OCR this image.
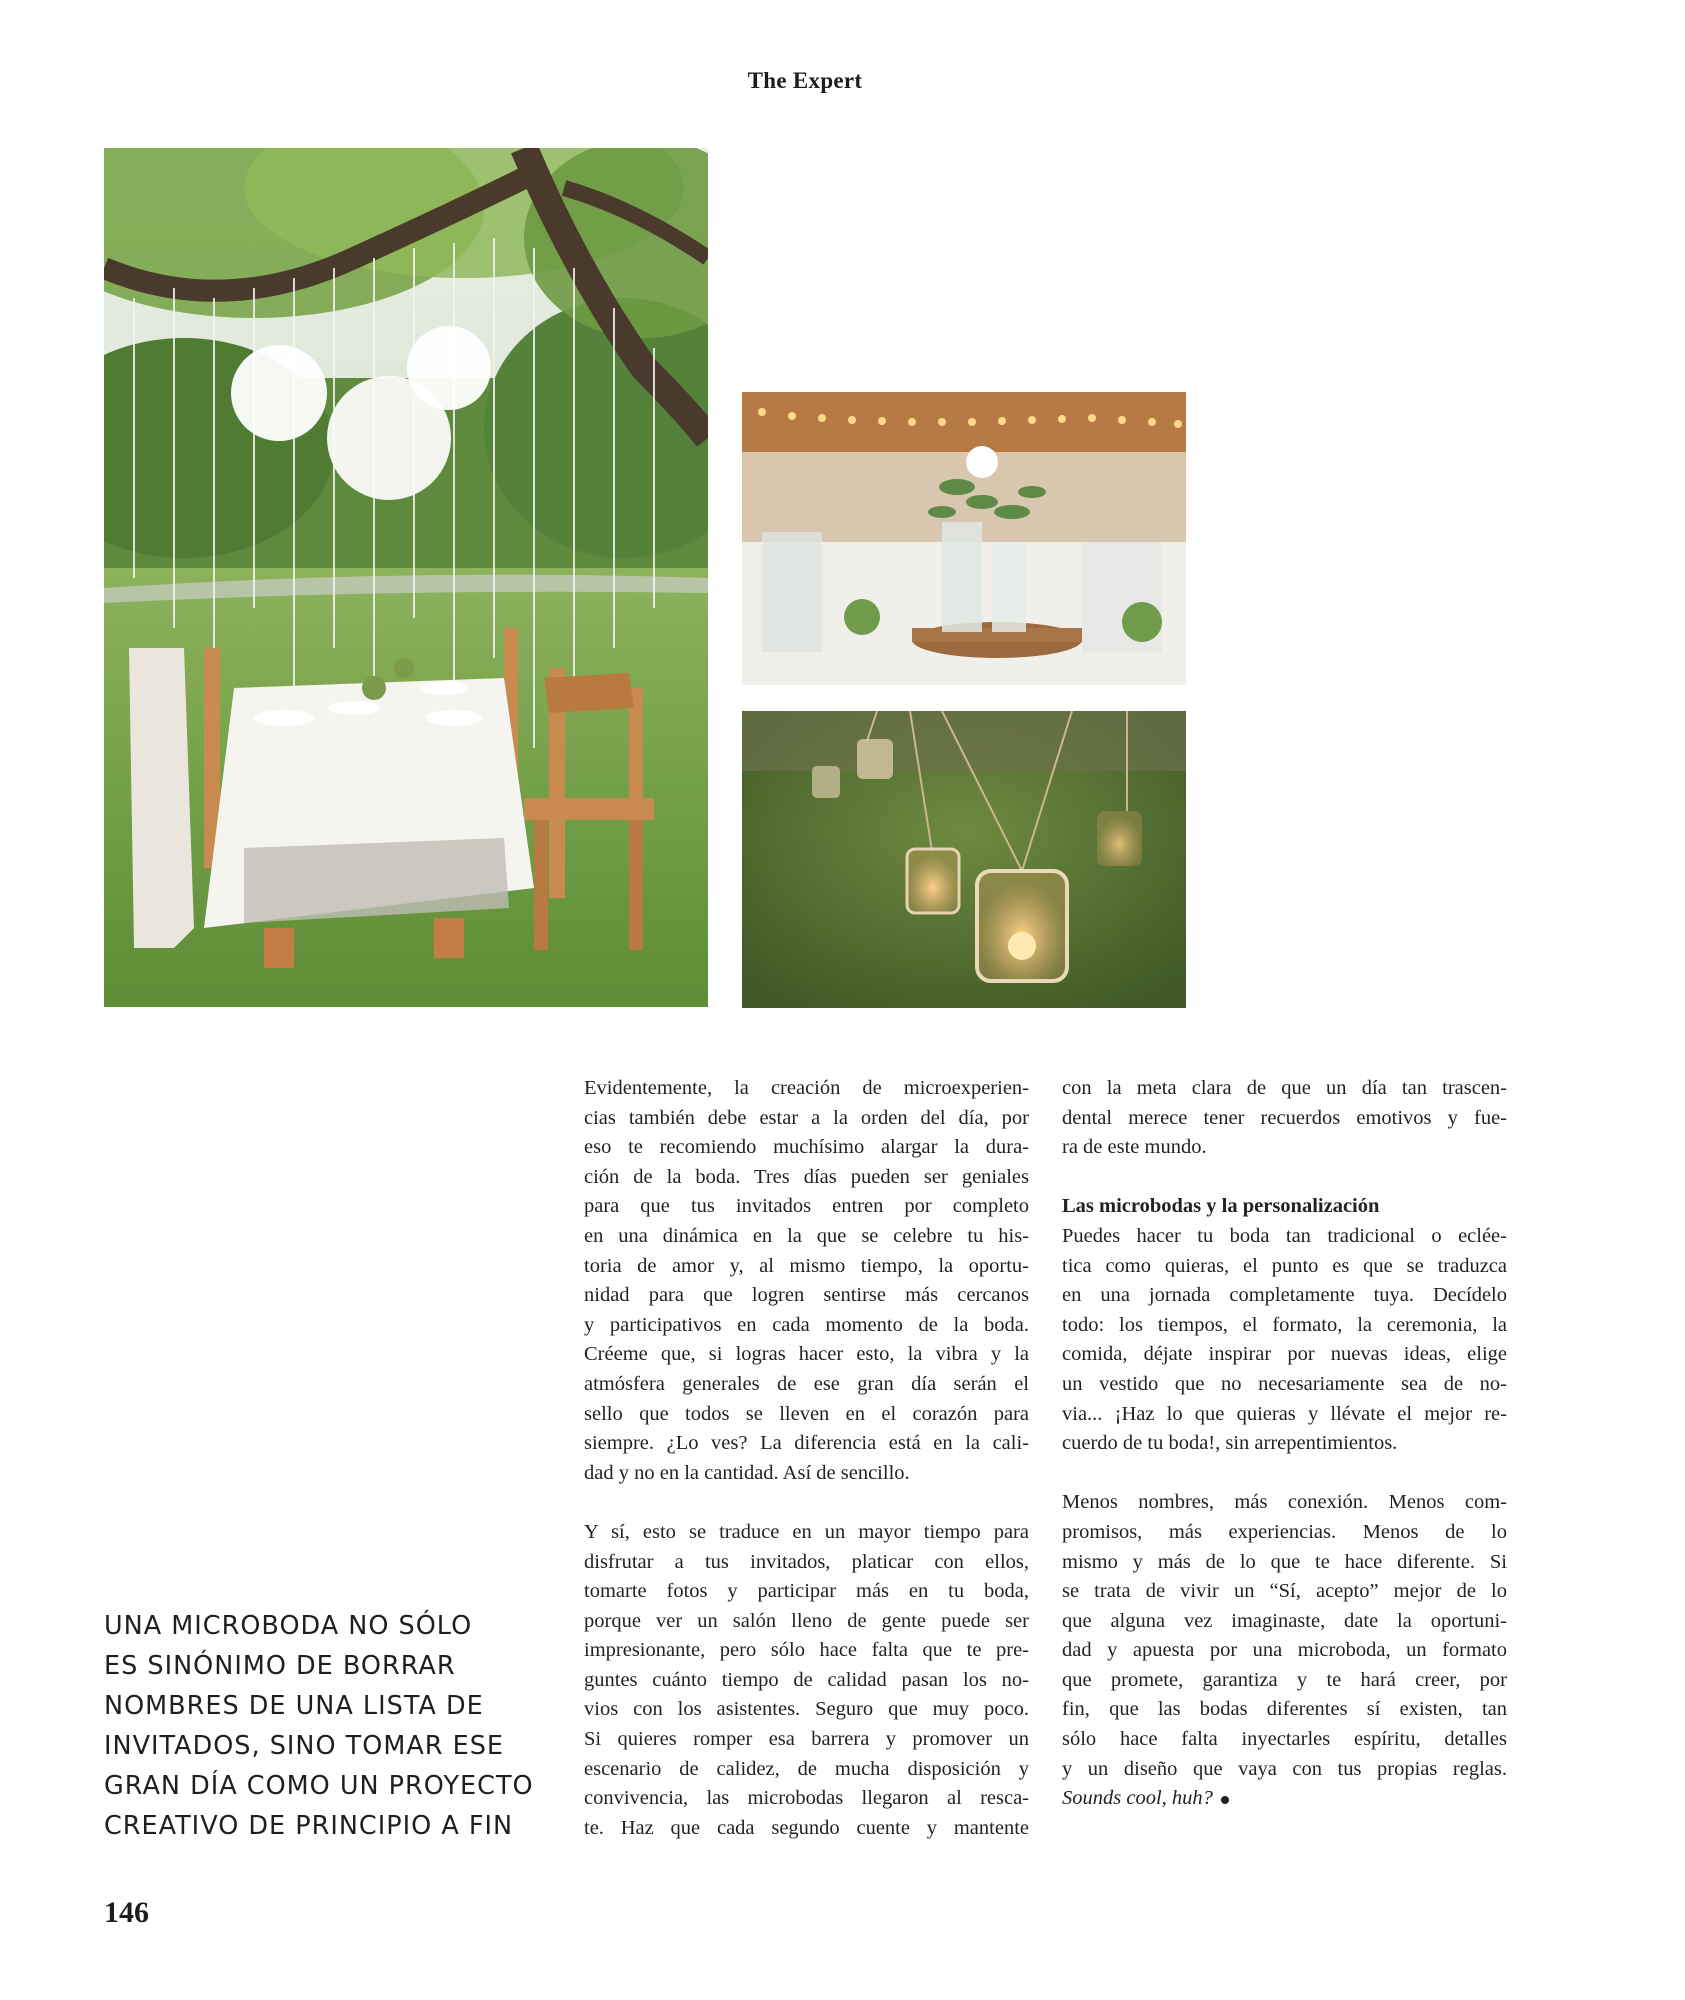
The Expert
UNA MICROBODA NO SÓLO
ES SINÓNIMO DE BORRAR
NOMBRES DE UNA LISTA DE
INVITADOS, SINO TOMAR ESE
GRAN DÍA COMO UN PROYECTO
CREATIVO DE PRINCIPIO A FIN
Evidentemente, la creación de microexperien-
cias también debe estar a la orden del día, por
eso te recomiendo muchísimo alargar la dura-
ción de la boda. Tres días pueden ser geniales
para que tus invitados entren por completo
en una dinámica en la que se celebre tu his-
toria de amor y, al mismo tiempo, la oportu-
nidad para que logren sentirse más cercanos
y participativos en cada momento de la boda.
Créeme que, si logras hacer esto, la vibra y la
atmósfera generales de ese gran día serán el
sello que todos se lleven en el corazón para
siempre. ¿Lo ves? La diferencia está en la cali-
dad y no en la cantidad. Así de sencillo.
Y sí, esto se traduce en un mayor tiempo para
disfrutar a tus invitados, platicar con ellos,
tomarte fotos y participar más en tu boda,
porque ver un salón lleno de gente puede ser
impresionante, pero sólo hace falta que te pre-
guntes cuánto tiempo de calidad pasan los no-
vios con los asistentes. Seguro que muy poco.
Si quieres romper esa barrera y promover un
escenario de calidez, de mucha disposición y
convivencia, las microbodas llegaron al resca-
te. Haz que cada segundo cuente y mantente
con la meta clara de que un día tan trascen-
dental merece tener recuerdos emotivos y fue-
ra de este mundo.
Las microbodas y la personalización
Puedes hacer tu boda tan tradicional o eclée-
tica como quieras, el punto es que se traduzca
en una jornada completamente tuya. Decídelo
todo: los tiempos, el formato, la ceremonia, la
comida, déjate inspirar por nuevas ideas, elige
un vestido que no necesariamente sea de no-
via... ¡Haz lo que quieras y llévate el mejor re-
cuerdo de tu boda!, sin arrepentimientos.
Menos nombres, más conexión. Menos com-
promisos, más experiencias. Menos de lo
mismo y más de lo que te hace diferente. Si
se trata de vivir un “Sí, acepto” mejor de lo
que alguna vez imaginaste, date la oportuni-
dad y apuesta por una microboda, un formato
que promete, garantiza y te hará creer, por
fin, que las bodas diferentes sí existen, tan
sólo hace falta inyectarles espíritu, detalles
y un diseño que vaya con tus propias reglas.
Sounds cool, huh?
146
